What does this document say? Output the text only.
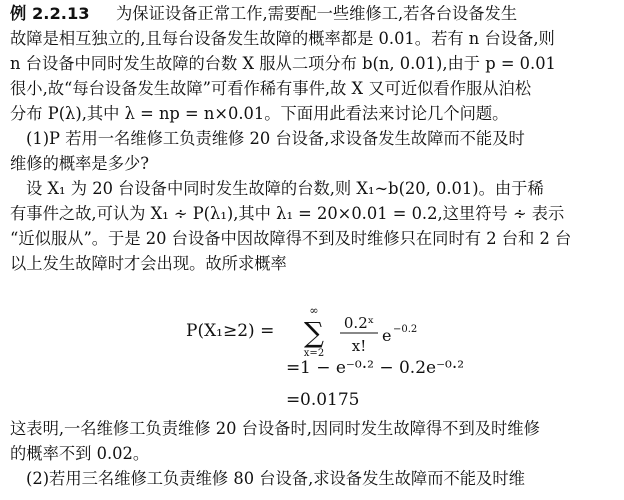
例 2.2.13 为保证设备正常工作,需要配一些维修工,若各台设备发生
故障是相互独立的,且每台设备发生故障的概率都是 0.01。若有 n 台设备,则
n 台设备中同时发生故障的台数 X 服从二项分布 b(n, 0.01),由于 p = 0.01
很小,故“每台设备发生故障”可看作稀有事件,故 X 又可近似看作服从泊松
分布 P(λ),其中 λ = np = n×0.01。下面用此看法来讨论几个问题。
(1)P 若用一名维修工负责维修 20 台设备,求设备发生故障而不能及时
维修的概率是多少?
设 X₁ 为 20 台设备中同时发生故障的台数,则 X₁∼b(20, 0.01)。由于稀
有事件之故,可认为 X₁ ∻ P(λ₁),其中 λ₁ = 20×0.01 = 0.2,这里符号 ∻ 表示
“近似服从”。于是 20 台设备中因故障得不到及时维修只在同时有 2 台和 2 台
以上发生故障时才会出现。故所求概率
P(X₁≥2) =
∞
∑
x=2
0.2ˣ
x!
e −0.2
= 1 − e⁻⁰·² − 0.2e⁻⁰·²
= 0.0175
这表明,一名维修工负责维修 20 台设备时,因同时发生故障得不到及时维修
的概率不到 0.02。
(2)若用三名维修工负责维修 80 台设备,求设备发生故障而不能及时维
